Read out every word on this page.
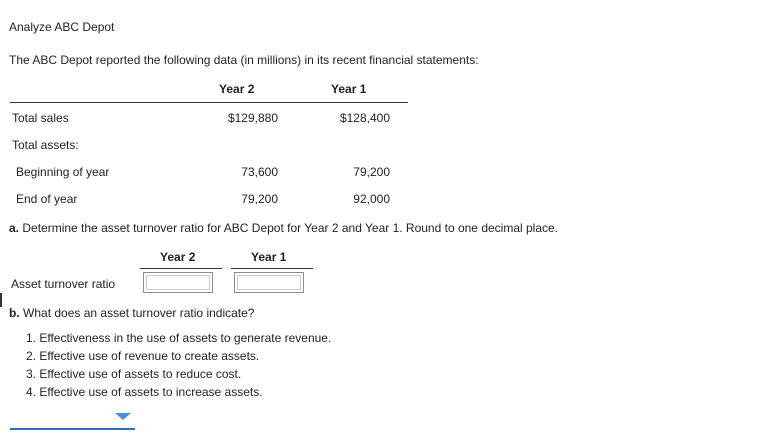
Analyze ABC Depot
The ABC Depot reported the following data (in millions) in its recent financial statements:
Year 2	Year 1
Total sales	$129,880	$128,400
Total assets:
Beginning of year	73,600	79,200
End of year	79,200	92,000
a. Determine the asset turnover ratio for ABC Depot for Year 2 and Year 1. Round to one decimal place.
Year 2	Year 1
Asset turnover ratio
b. What does an asset turnover ratio indicate?
1. Effectiveness in the use of assets to generate revenue.
2. Effective use of revenue to create assets.
3. Effective use of assets to reduce cost.
4. Effective use of assets to increase assets.
